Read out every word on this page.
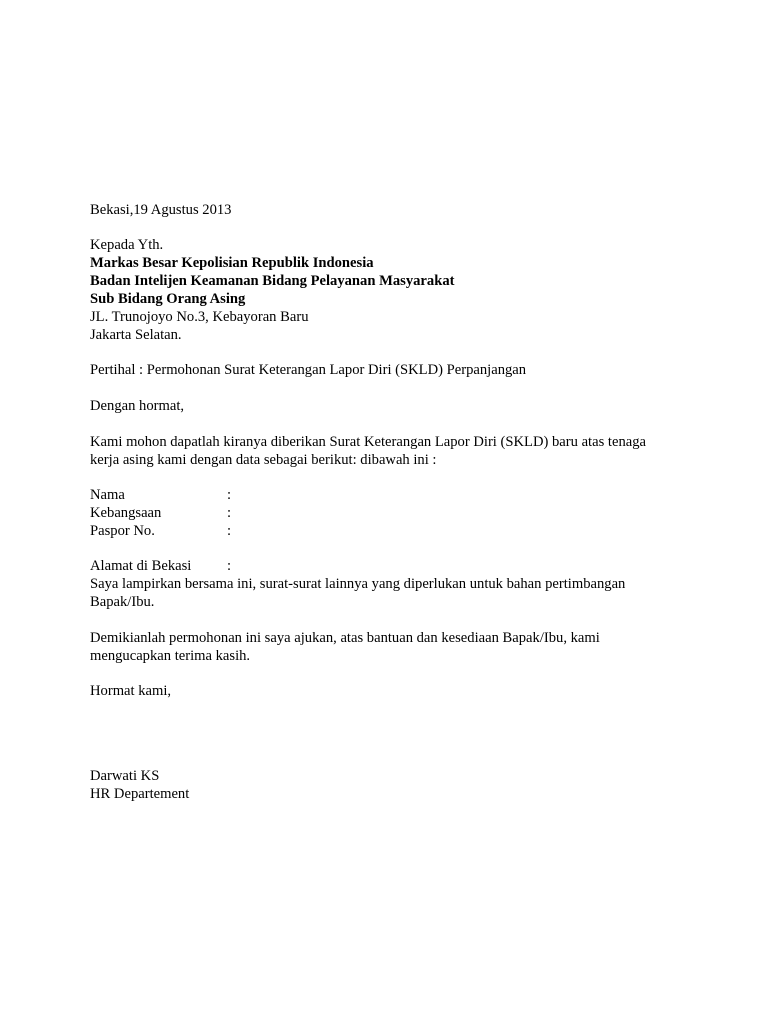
Bekasi,19 Agustus 2013
Kepada Yth.
Markas Besar Kepolisian Republik Indonesia
Badan Intelijen Keamanan Bidang Pelayanan Masyarakat
Sub Bidang Orang Asing
JL. Trunojoyo No.3, Kebayoran Baru
Jakarta Selatan.
Pertihal : Permohonan Surat Keterangan Lapor Diri (SKLD) Perpanjangan
Dengan hormat,
Kami mohon dapatlah kiranya diberikan Surat Keterangan Lapor Diri (SKLD) baru atas tenaga
kerja asing kami dengan data sebagai berikut: dibawah ini :
Nama	:
Kebangsaan	:
Paspor No.	:
Alamat di Bekasi :
Saya lampirkan bersama ini, surat-surat lainnya yang diperlukan untuk bahan pertimbangan
Bapak/Ibu.
Demikianlah permohonan ini saya ajukan, atas bantuan dan kesediaan Bapak/Ibu, kami
mengucapkan terima kasih.
Hormat kami,
Darwati KS
HR Departement
